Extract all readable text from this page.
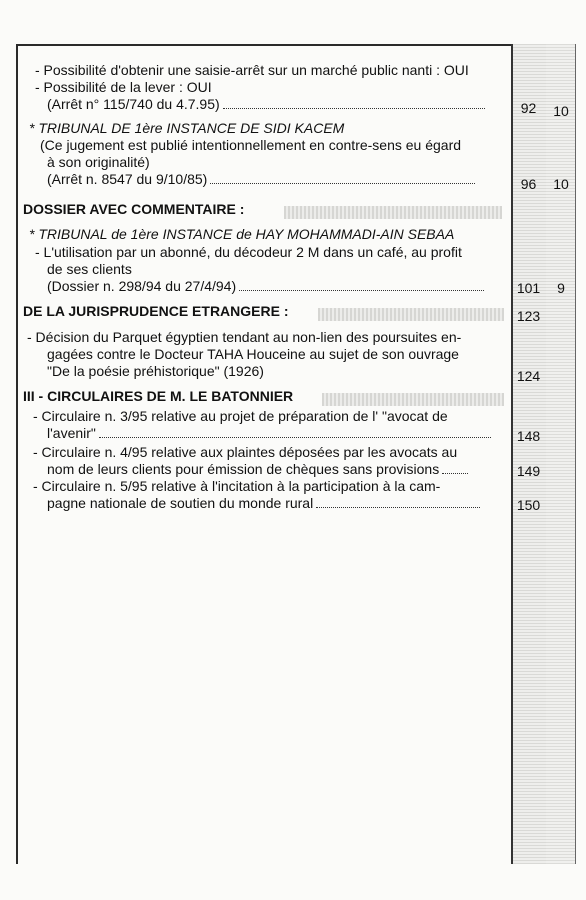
- Possibilité d'obtenir une saisie-arrêt sur un marché public nanti : OUI
- Possibilité de la lever : OUI
(Arrêt n° 115/740 du 4.7.95)	92	10
* TRIBUNAL DE 1ère INSTANCE DE SIDI KACEM
(Ce jugement est publié intentionnellement en contre-sens eu égard
à son originalité)
(Arrêt n. 8547 du 9/10/85)	96	10
DOSSIER AVEC COMMENTAIRE :
* TRIBUNAL de 1ère INSTANCE de HAY MOHAMMADI-AIN SEBAA
- L'utilisation par un abonné, du décodeur 2 M dans un café, au profit
de ses clients
(Dossier n. 298/94 du 27/4/94)	101	9
DE LA JURISPRUDENCE ETRANGERE :	123
- Décision du Parquet égyptien tendant au non-lien des poursuites en-
gagées contre le Docteur TAHA Houceine au sujet de son ouvrage
"De la poésie préhistorique" (1926)	124
III - CIRCULAIRES DE M. LE BATONNIER
- Circulaire n. 3/95 relative au projet de préparation de l' "avocat de
l'avenir"	148
- Circulaire n. 4/95 relative aux plaintes déposées par les avocats au
nom de leurs clients pour émission de chèques sans provisions	149
- Circulaire n. 5/95 relative à l'incitation à la participation à la cam-
pagne nationale de soutien du monde rural	150
